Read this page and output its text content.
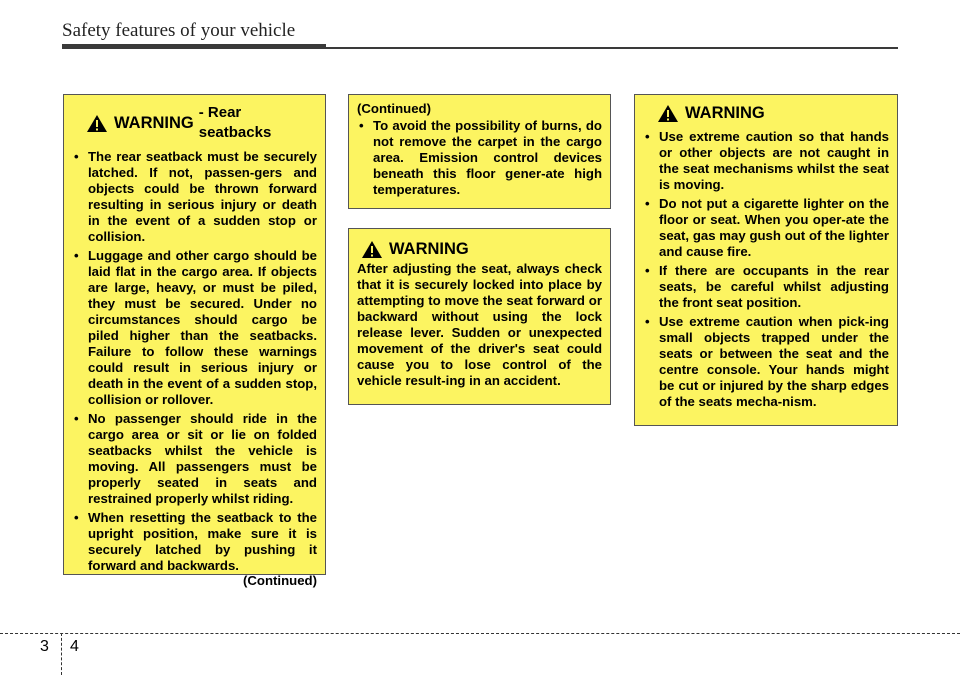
Safety features of your vehicle
WARNING
- Rear seatbacks
• The rear seatback must be securely latched. If not, passen-gers and objects could be thrown forward resulting in serious injury or death in the event of a sudden stop or collision.
• Luggage and other cargo should be laid flat in the cargo area. If objects are large, heavy, or must be piled, they must be secured. Under no circumstances should cargo be piled higher than the seatbacks. Failure to follow these warnings could result in serious injury or death in the event of a sudden stop, collision or rollover.
• No passenger should ride in the cargo area or sit or lie on folded seatbacks whilst the vehicle is moving. All passengers must be properly seated in seats and restrained properly whilst riding.
• When resetting the seatback to the upright position, make sure it is securely latched by pushing it forward and backwards.
(Continued)
(Continued)
• To avoid the possibility of burns, do not remove the carpet in the cargo area. Emission control devices beneath this floor gener-ate high temperatures.
WARNING

After adjusting the seat, always check that it is securely locked into place by attempting to move the seat forward or backward without using the lock release lever. Sudden or unexpected movement of the driver's seat could cause you to lose control of the vehicle result-ing in an accident.

WARNING
• Use extreme caution so that hands or other objects are not caught in the seat mechanisms whilst the seat is moving.
• Do not put a cigarette lighter on the floor or seat. When you oper-ate the seat, gas may gush out of the lighter and cause fire.
• If there are occupants in the rear seats, be careful whilst adjusting the front seat position.
• Use extreme caution when pick-ing small objects trapped under the seats or between the seat and the centre console. Your hands might be cut or injured by the sharp edges of the seats mecha-nism.
3 4
